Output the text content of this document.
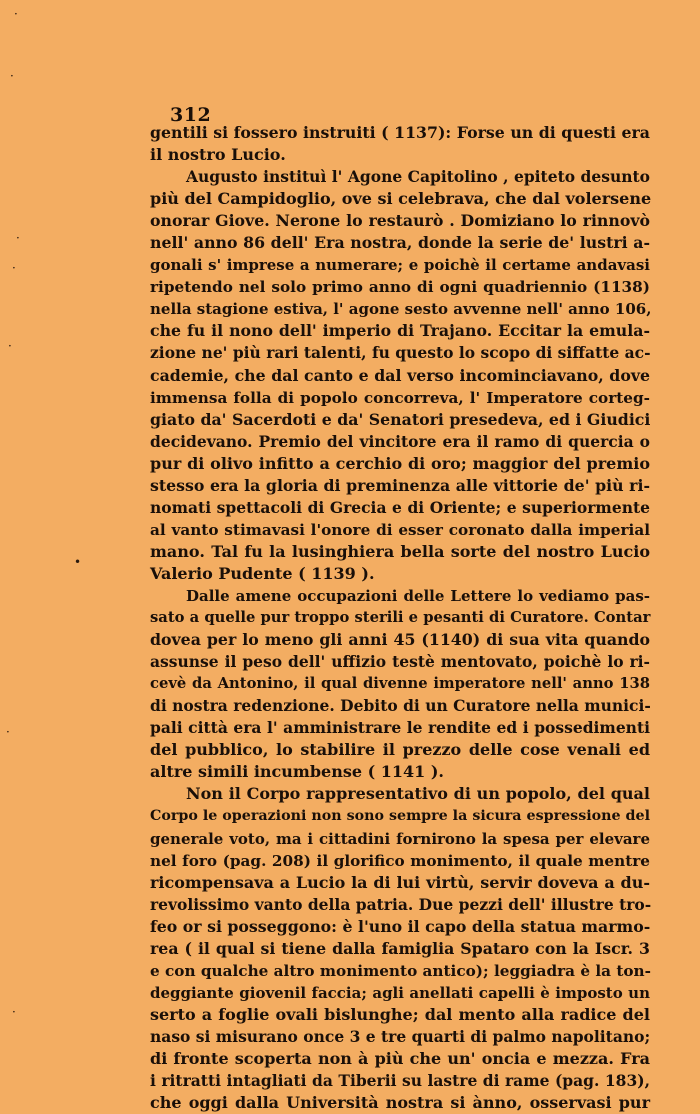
312
gentili si fossero instruiti ( 1137): Forse un di questi era
il nostro Lucio.
Augusto instituì l' Agone Capitolino , epiteto desunto
più del Campidoglio, ove si celebrava, che dal volersene
onorar Giove. Nerone lo restaurò . Domiziano lo rinnovò
nell' anno 86 dell' Era nostra, donde la serie de' lustri a-
gonali s' imprese a numerare; e poichè il certame andavasi
ripetendo nel solo primo anno di ogni quadriennio (1138)
nella stagione estiva, l' agone sesto avvenne nell' anno 106,
che fu il nono dell' imperio di Trajano. Eccitar la emula-
zione ne' più rari talenti, fu questo lo scopo di siffatte ac-
cademie, che dal canto e dal verso incominciavano, dove
immensa folla di popolo concorreva, l' Imperatore corteg-
giato da' Sacerdoti e da' Senatori presedeva, ed i Giudici
decidevano. Premio del vincitore era il ramo di quercia o
pur di olivo infitto a cerchio di oro; maggior del premio
stesso era la gloria di preminenza alle vittorie de' più ri-
nomati spettacoli di Grecia e di Oriente; e superiormente
al vanto stimavasi l'onore di esser coronato dalla imperial
mano. Tal fu la lusinghiera bella sorte del nostro Lucio
Valerio Pudente ( 1139 ).
Dalle amene occupazioni delle Lettere lo vediamo pas-
sato a quelle pur troppo sterili e pesanti di Curatore. Contar
dovea per lo meno gli anni 45 (1140) di sua vita quando
assunse il peso dell' uffizio testè mentovato, poichè lo ri-
cevè da Antonino, il qual divenne imperatore nell' anno 138
di nostra redenzione. Debito di un Curatore nella munici-
pali città era l' amministrare le rendite ed i possedimenti
del pubblico, lo stabilire il prezzo delle cose venali ed
altre simili incumbense ( 1141 ).
Non il Corpo rappresentativo di un popolo, del qual
Corpo le operazioni non sono sempre la sicura espressione del
generale voto, ma i cittadini fornirono la spesa per elevare
nel foro (pag. 208) il glorifico monimento, il quale mentre
ricompensava a Lucio la di lui virtù, servir doveva a du-
revolissimo vanto della patria. Due pezzi dell' illustre tro-
feo or si posseggono: è l'uno il capo della statua marmo-
rea ( il qual si tiene dalla famiglia Spataro con la Iscr. 3
e con qualche altro monimento antico); leggiadra è la ton-
deggiante giovenil faccia; agli anellati capelli è imposto un
serto a foglie ovali bislunghe; dal mento alla radice del
naso si misurano once 3 e tre quarti di palmo napolitano;
di fronte scoperta non à più che un' oncia e mezza. Fra
i ritratti intagliati da Tiberii su lastre di rame (pag. 183),
che oggi dalla Università nostra si ànno, osservasi pur
·
·
·
·
·
•
·
·
